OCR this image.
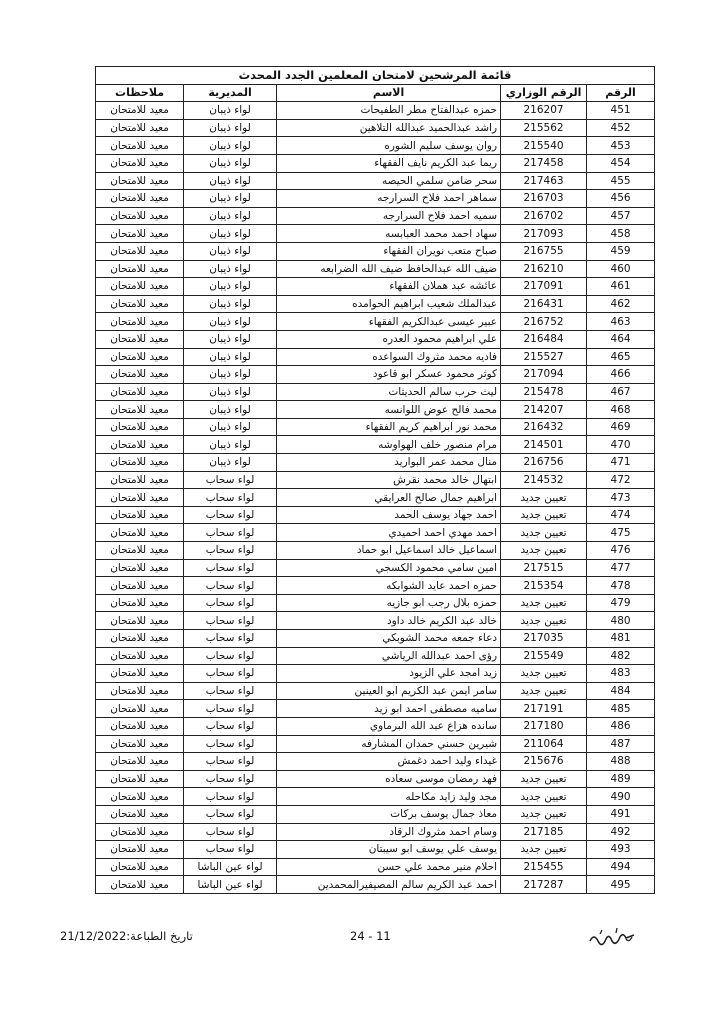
قائمة المرشحين لامتحان المعلمين الجدد المحدث				
الرقم	الرقم الوزاري	الاسم	المديرية	ملاحظات
451	216207	حمزه عبدالفتاح مطر الطفيحات	لواء ذيبان	معيد للامتحان
452	215562	راشد عبدالحميد عبدالله التلاهين	لواء ذيبان	معيد للامتحان
453	215540	روان يوسف سليم الشوره	لواء ذيبان	معيد للامتحان
454	217458	ريما عبد الكريم نايف الفقهاء	لواء ذيبان	معيد للامتحان
455	217463	سحر ضامن سلمي الحيصه	لواء ذيبان	معيد للامتحان
456	216703	سماهر احمد فلاح السرارجه	لواء ذيبان	معيد للامتحان
457	216702	سميه احمد فلاح السرارجه	لواء ذيبان	معيد للامتحان
458	217093	سهاد احمد محمد العبابسه	لواء ذيبان	معيد للامتحان
459	216755	صباح متعب نويران الفقهاء	لواء ذيبان	معيد للامتحان
460	216210	ضيف الله عبدالحافظ ضيف الله الضرابعه	لواء ذيبان	معيد للامتحان
461	217091	عائشه عبد هملان الفقهاء	لواء ذيبان	معيد للامتحان
462	216431	عبدالملك شعيب ابراهيم الحوامده	لواء ذيبان	معيد للامتحان
463	216752	عبير عيسى عبدالكريم الفقهاء	لواء ذيبان	معيد للامتحان
464	216484	علي ابراهيم محمود العدره	لواء ذيبان	معيد للامتحان
465	215527	فاديه محمد مثروك السواعده	لواء ذيبان	معيد للامتحان
466	217094	كوثر محمود عسكر ابو قاعود	لواء ذيبان	معيد للامتحان
467	215478	ليث حرب سالم الحديثات	لواء ذيبان	معيد للامتحان
468	214207	محمد فالح عوض اللوانسه	لواء ذيبان	معيد للامتحان
469	216432	محمد نور ابراهيم كريم الفقهاء	لواء ذيبان	معيد للامتحان
470	214501	مرام منصور خلف الهواوشه	لواء ذيبان	معيد للامتحان
471	216756	منال محمد عمر البواريد	لواء ذيبان	معيد للامتحان
472	214532	ابتهال خالد محمد نقرش	لواء سحاب	معيد للامتحان
473	تعيين جديد	ابراهيم جمال صالح العرايقي	لواء سحاب	معيد للامتحان
474	تعيين جديد	احمد جهاد يوسف الحمد	لواء سحاب	معيد للامتحان
475	تعيين جديد	احمد مهدي احمد احميدي	لواء سحاب	معيد للامتحان
476	تعيين جديد	اسماعيل خالد اسماعيل ابو حماد	لواء سحاب	معيد للامتحان
477	217515	امين سامي محمود الكسجي	لواء سحاب	معيد للامتحان
478	215354	حمزه احمد عايد الشوابكه	لواء سحاب	معيد للامتحان
479	تعيين جديد	حمزه بلال رجب ابو جازيه	لواء سحاب	معيد للامتحان
480	تعيين جديد	خالد عبد الكريم خالد داود	لواء سحاب	معيد للامتحان
481	217035	دعاء جمعه محمد الشوبكي	لواء سحاب	معيد للامتحان
482	215549	رؤى احمد عبدالله الرياشي	لواء سحاب	معيد للامتحان
483	تعيين جديد	زيد امجد علي الزيود	لواء سحاب	معيد للامتحان
484	تعيين جديد	سامر ايمن عبد الكريم ابو العينين	لواء سحاب	معيد للامتحان
485	217191	ساميه مصطفى احمد ابو زيد	لواء سحاب	معيد للامتحان
486	217180	سانده هزاع عبد الله البرماوي	لواء سحاب	معيد للامتحان
487	211064	شيرين حسني حمدان المشارفه	لواء سحاب	معيد للامتحان
488	215676	غيداء وليد احمد دغمش	لواء سحاب	معيد للامتحان
489	تعيين جديد	فهد رمضان موسى سعاده	لواء سحاب	معيد للامتحان
490	تعيين جديد	مجد وليد زايد مكاحله	لواء سحاب	معيد للامتحان
491	تعيين جديد	معاذ جمال يوسف بركات	لواء سحاب	معيد للامتحان
492	217185	وسام احمد مثروك الرقاد	لواء سحاب	معيد للامتحان
493	تعيين جديد	يوسف علي يوسف ابو سيبتان	لواء سحاب	معيد للامتحان
494	215455	احلام منير محمد علي حسن	لواء عين الباشا	معيد للامتحان
495	217287	احمد عبد الكريم سالم المصيفيرالمحمدين	لواء عين الباشا	معيد للامتحان
تاريخ الطباعة:21/12/2022	24 - 11
